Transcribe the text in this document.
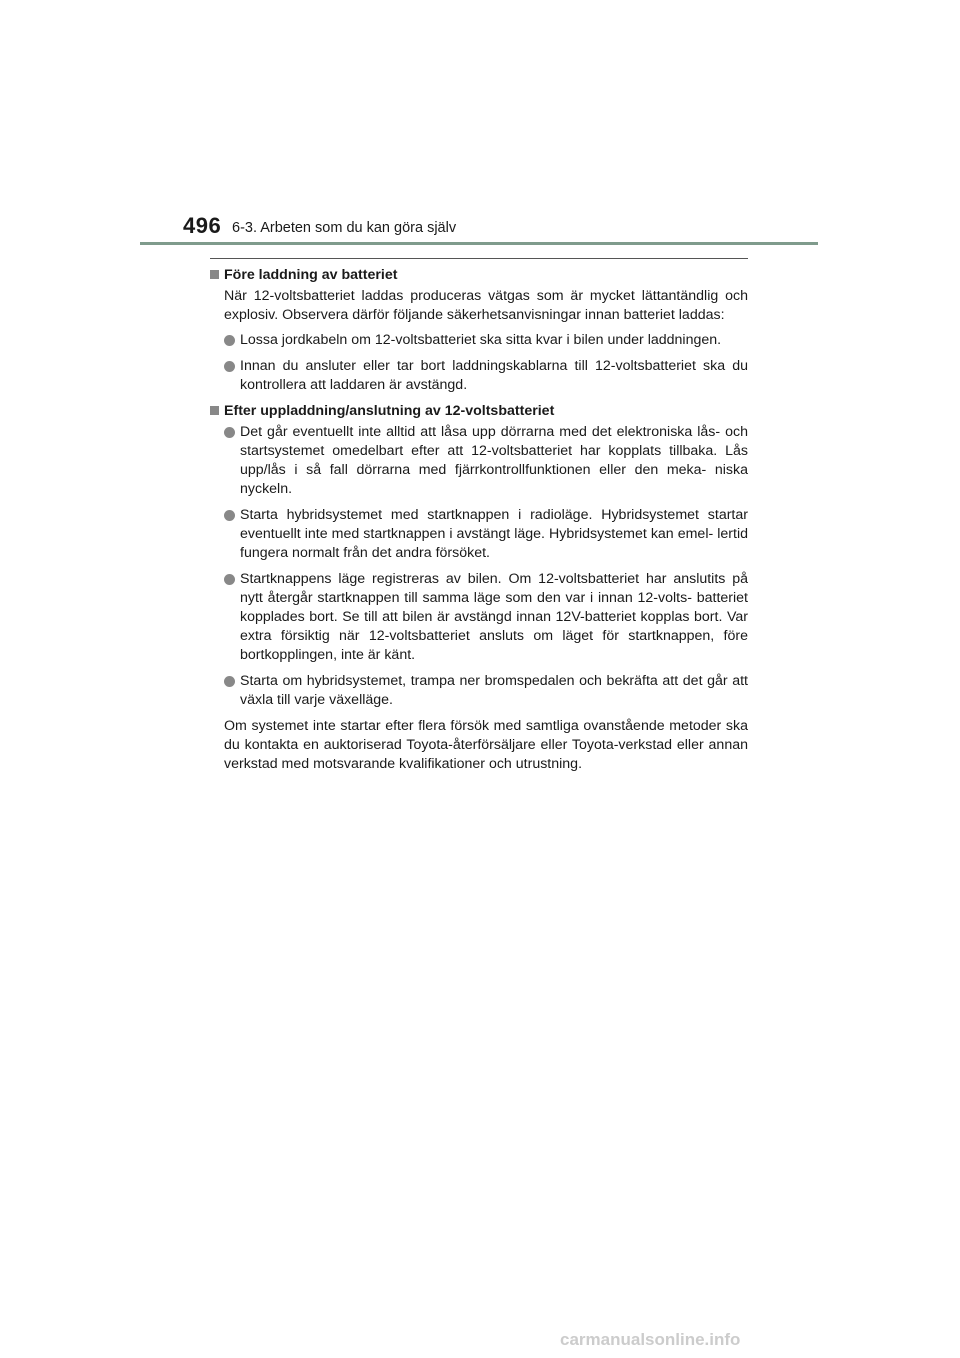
496 6-3. Arbeten som du kan göra själv
Före laddning av batteriet

När 12-voltsbatteriet laddas produceras vätgas som är mycket lättantändlig och explosiv. Observera därför följande säkerhetsanvisningar innan batteriet laddas:

Lossa jordkabeln om 12-voltsbatteriet ska sitta kvar i bilen under laddningen.
Innan du ansluter eller tar bort laddningskablarna till 12-voltsbatteriet ska du kontrollera att laddaren är avstängd.
Efter uppladdning/anslutning av 12-voltsbatteriet
Det går eventuellt inte alltid att låsa upp dörrarna med det elektroniska lås- och startsystemet omedelbart efter att 12-voltsbatteriet har kopplats tillbaka. Lås upp/lås i så fall dörrarna med fjärrkontrollfunktionen eller den meka- niska nyckeln.
Starta hybridsystemet med startknappen i radioläge. Hybridsystemet startar eventuellt inte med startknappen i avstängt läge. Hybridsystemet kan emel- lertid fungera normalt från det andra försöket.
Startknappens läge registreras av bilen. Om 12-voltsbatteriet har anslutits på nytt återgår startknappen till samma läge som den var i innan 12-volts- batteriet kopplades bort. Se till att bilen är avstängd innan 12V-batteriet kopplas bort. Var extra försiktig när 12-voltsbatteriet ansluts om läget för startknappen, före bortkopplingen, inte är känt.
Starta om hybridsystemet, trampa ner bromspedalen och bekräfta att det går att växla till varje växelläge.

Om systemet inte startar efter flera försök med samtliga ovanstående metoder ska du kontakta en auktoriserad Toyota-återförsäljare eller Toyota-verkstad eller annan verkstad med motsvarande kvalifikationer och utrustning.

carmanualsonline.info
